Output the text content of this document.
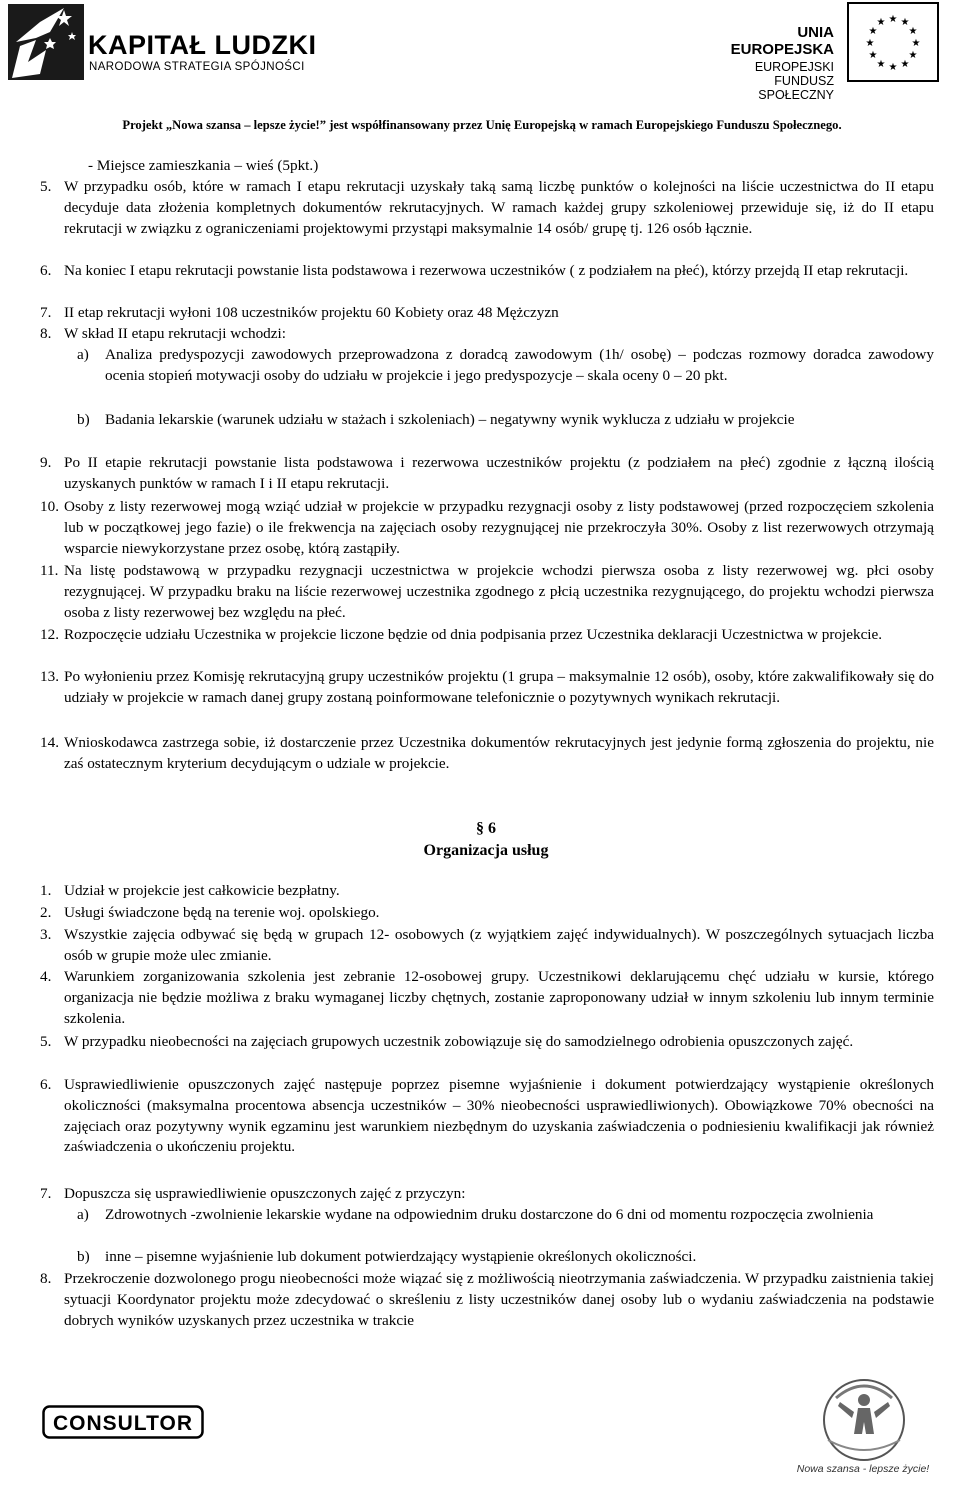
KAPITAŁ LUDZKI
NARODOWA STRATEGIA SPÓJNOŚCI
UNIA EUROPEJSKA
EUROPEJSKI
FUNDUSZ SPOŁECZNY
★ ★
★
★
★
★
★
★
★
★
★
★
Projekt „Nowa szansa – lepsze życie!” jest współfinansowany przez Unię Europejską w ramach Europejskiego Funduszu Społecznego.
- Miejsce zamieszkania – wieś (5pkt.)
5. W przypadku osób, które w ramach I etapu rekrutacji uzyskały taką samą liczbę punktów o kolejności na liście uczestnictwa do II etapu decyduje data złożenia kompletnych dokumentów rekrutacyjnych. W ramach każdej grupy szkoleniowej przewiduje się, iż do II etapu rekrutacji w związku z ograniczeniami projektowymi przystąpi maksymalnie 14 osób/ grupę tj. 126 osób łącznie.
6. Na koniec I etapu rekrutacji powstanie lista podstawowa i rezerwowa uczestników ( z podziałem na płeć), którzy przejdą II etap rekrutacji.
7. II etap rekrutacji wyłoni 108 uczestników projektu 60 Kobiety oraz 48 Mężczyzn
8. W skład II etapu rekrutacji wchodzi:
a) Analiza predyspozycji zawodowych przeprowadzona z doradcą zawodowym (1h/ osobę) – podczas rozmowy doradca zawodowy ocenia stopień motywacji osoby do udziału w projekcie i jego predyspozycje – skala oceny 0 – 20 pkt.
b) Badania lekarskie (warunek udziału w stażach i szkoleniach) – negatywny wynik wyklucza z udziału w projekcie
9. Po II etapie rekrutacji powstanie lista podstawowa i rezerwowa uczestników projektu (z podziałem na płeć) zgodnie z łączną ilością uzyskanych punktów w ramach I i II etapu rekrutacji.
10. Osoby z listy rezerwowej mogą wziąć udział w projekcie w przypadku rezygnacji osoby z listy podstawowej (przed rozpoczęciem szkolenia lub w początkowej jego fazie) o ile frekwencja na zajęciach osoby rezygnującej nie przekroczyła 30%. Osoby z list rezerwowych otrzymają wsparcie niewykorzystane przez osobę, którą zastąpiły.
11. Na listę podstawową w przypadku rezygnacji uczestnictwa w projekcie wchodzi pierwsza osoba z listy rezerwowej wg. płci osoby rezygnującej. W przypadku braku na liście rezerwowej uczestnika zgodnego z płcią uczestnika rezygnującego, do projektu wchodzi pierwsza osoba z listy rezerwowej bez względu na płeć.
12. Rozpoczęcie udziału Uczestnika w projekcie liczone będzie od dnia podpisania przez Uczestnika deklaracji Uczestnictwa w projekcie.
13. Po wyłonieniu przez Komisję rekrutacyjną grupy uczestników projektu (1 grupa – maksymalnie 12 osób), osoby, które zakwalifikowały się do udziały w projekcie w ramach danej grupy zostaną poinformowane telefonicznie o pozytywnych wynikach rekrutacji.
14. Wnioskodawca zastrzega sobie, iż dostarczenie przez Uczestnika dokumentów rekrutacyjnych jest jedynie formą zgłoszenia do projektu, nie zaś ostatecznym kryterium decydującym o udziale w projekcie.
§ 6
Organizacja usług
1. Udział w projekcie jest całkowicie bezpłatny.
2. Usługi świadczone będą na terenie woj. opolskiego.
3. Wszystkie zajęcia odbywać się będą w grupach 12- osobowych (z wyjątkiem zajęć indywidualnych). W poszczególnych sytuacjach liczba osób w grupie może ulec zmianie.
4. Warunkiem zorganizowania szkolenia jest zebranie 12-osobowej grupy. Uczestnikowi deklarującemu chęć udziału w kursie, którego organizacja nie będzie możliwa z braku wymaganej liczby chętnych, zostanie zaproponowany udział w innym szkoleniu lub innym terminie szkolenia.
5. W przypadku nieobecności na zajęciach grupowych uczestnik zobowiązuje się do samodzielnego odrobienia opuszczonych zajęć.
6. Usprawiedliwienie opuszczonych zajęć następuje poprzez pisemne wyjaśnienie i dokument potwierdzający wystąpienie określonych okoliczności (maksymalna procentowa absencja uczestników – 30% nieobecności usprawiedliwionych). Obowiązkowe 70% obecności na zajęciach oraz pozytywny wynik egzaminu jest warunkiem niezbędnym do uzyskania zaświadczenia o podniesieniu kwalifikacji jak również zaświadczenia o ukończeniu projektu.
7. Dopuszcza się usprawiedliwienie opuszczonych zajęć z przyczyn:
a) Zdrowotnych -zwolnienie lekarskie wydane na odpowiednim druku dostarczone do 6 dni od momentu rozpoczęcia zwolnienia
b) inne – pisemne wyjaśnienie lub dokument potwierdzający wystąpienie określonych okoliczności.
8. Przekroczenie dozwolonego progu nieobecności może wiązać się z możliwością nieotrzymania zaświadczenia. W przypadku zaistnienia takiej sytuacji Koordynator projektu może zdecydować o skreśleniu z listy uczestników danej osoby lub o wydaniu zaświadczenia na podstawie dobrych wyników uzyskanych przez uczestnika w trakcie
CONSULTOR
Nowa szansa - lepsze życie!
